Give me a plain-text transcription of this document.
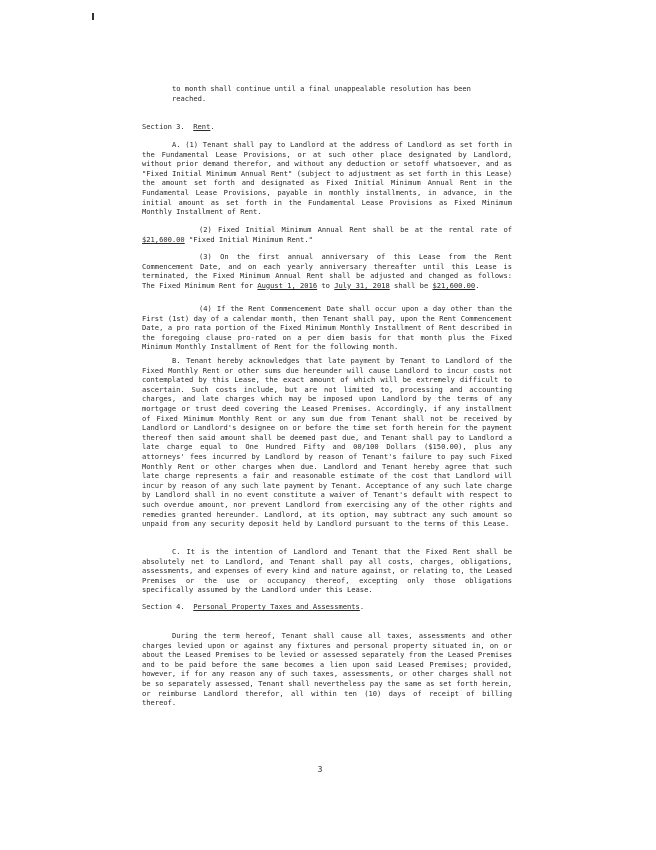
to month shall continue until a final unappealable resolution has been
reached.

Section 3. Rent.

A. (1) Tenant shall pay to Landlord at the address of Landlord as set forth in the Fundamental Lease Provisions, or at such other place designated by Landlord, without prior demand therefor, and without any deduction or setoff whatsoever, and as "Fixed Initial Minimum Annual Rent" (subject to adjustment as set forth in this Lease) the amount set forth and designated as Fixed Initial Minimum Annual Rent in the Fundamental Lease Provisions, payable in monthly installments, in advance, in the initial amount as set forth in the Fundamental Lease Provisions as Fixed Minimum Monthly Installment of Rent.

(2) Fixed Initial Minimum Annual Rent shall be at the rental rate of $21,600.00 "Fixed Initial Minimum Rent."

(3) On the first annual anniversary of this Lease from the Rent Commencement Date, and on each yearly anniversary thereafter until this Lease is terminated, the Fixed Minimum Annual Rent shall be adjusted and changed as follows: The Fixed Minimum Rent for August 1, 2016 to July 31, 2018 shall be $21,600.00.

(4) If the Rent Commencement Date shall occur upon a day other than the First (1st) day of a calendar month, then Tenant shall pay, upon the Rent Commencement Date, a pro rata portion of the Fixed Minimum Monthly Installment of Rent described in the foregoing clause pro-rated on a per diem basis for that month plus the Fixed Minimum Monthly Installment of Rent for the following month.

B. Tenant hereby acknowledges that late payment by Tenant to Landlord of the Fixed Monthly Rent or other sums due hereunder will cause Landlord to incur costs not contemplated by this Lease, the exact amount of which will be extremely difficult to ascertain. Such costs include, but are not limited to, processing and accounting charges, and late charges which may be imposed upon Landlord by the terms of any mortgage or trust deed covering the Leased Premises. Accordingly, if any installment of Fixed Minimum Monthly Rent or any sum due from Tenant shall not be received by Landlord or Landlord's designee on or before the time set forth herein for the payment thereof then said amount shall be deemed past due, and Tenant shall pay to Landlord a late charge equal to One Hundred Fifty and 00/100 Dollars ($150.00), plus any attorneys' fees incurred by Landlord by reason of Tenant's failure to pay such Fixed Monthly Rent or other charges when due. Landlord and Tenant hereby agree that such late charge represents a fair and reasonable estimate of the cost that Landlord will incur by reason of any such late payment by Tenant. Acceptance of any such late charge by Landlord shall in no event constitute a waiver of Tenant's default with respect to such overdue amount, nor prevent Landlord from exercising any of the other rights and remedies granted hereunder. Landlord, at its option, may subtract any such amount so unpaid from any security deposit held by Landlord pursuant to the terms of this Lease.

C. It is the intention of Landlord and Tenant that the Fixed Rent shall be absolutely net to Landlord, and Tenant shall pay all costs, charges, obligations, assessments, and expenses of every kind and nature against, or relating to, the Leased Premises or the use or occupancy thereof, excepting only those obligations specifically assumed by the Landlord under this Lease.

Section 4. Personal Property Taxes and Assessments.

During the term hereof, Tenant shall cause all taxes, assessments and other charges levied upon or against any fixtures and personal property situated in, on or about the Leased Premises to be levied or assessed separately from the Leased Premises and to be paid before the same becomes a lien upon said Leased Premises; provided, however, if for any reason any of such taxes, assessments, or other charges shall not be so separately assessed, Tenant shall nevertheless pay the same as set forth herein, or reimburse Landlord therefor, all within ten (10) days of receipt of billing thereof.

3
